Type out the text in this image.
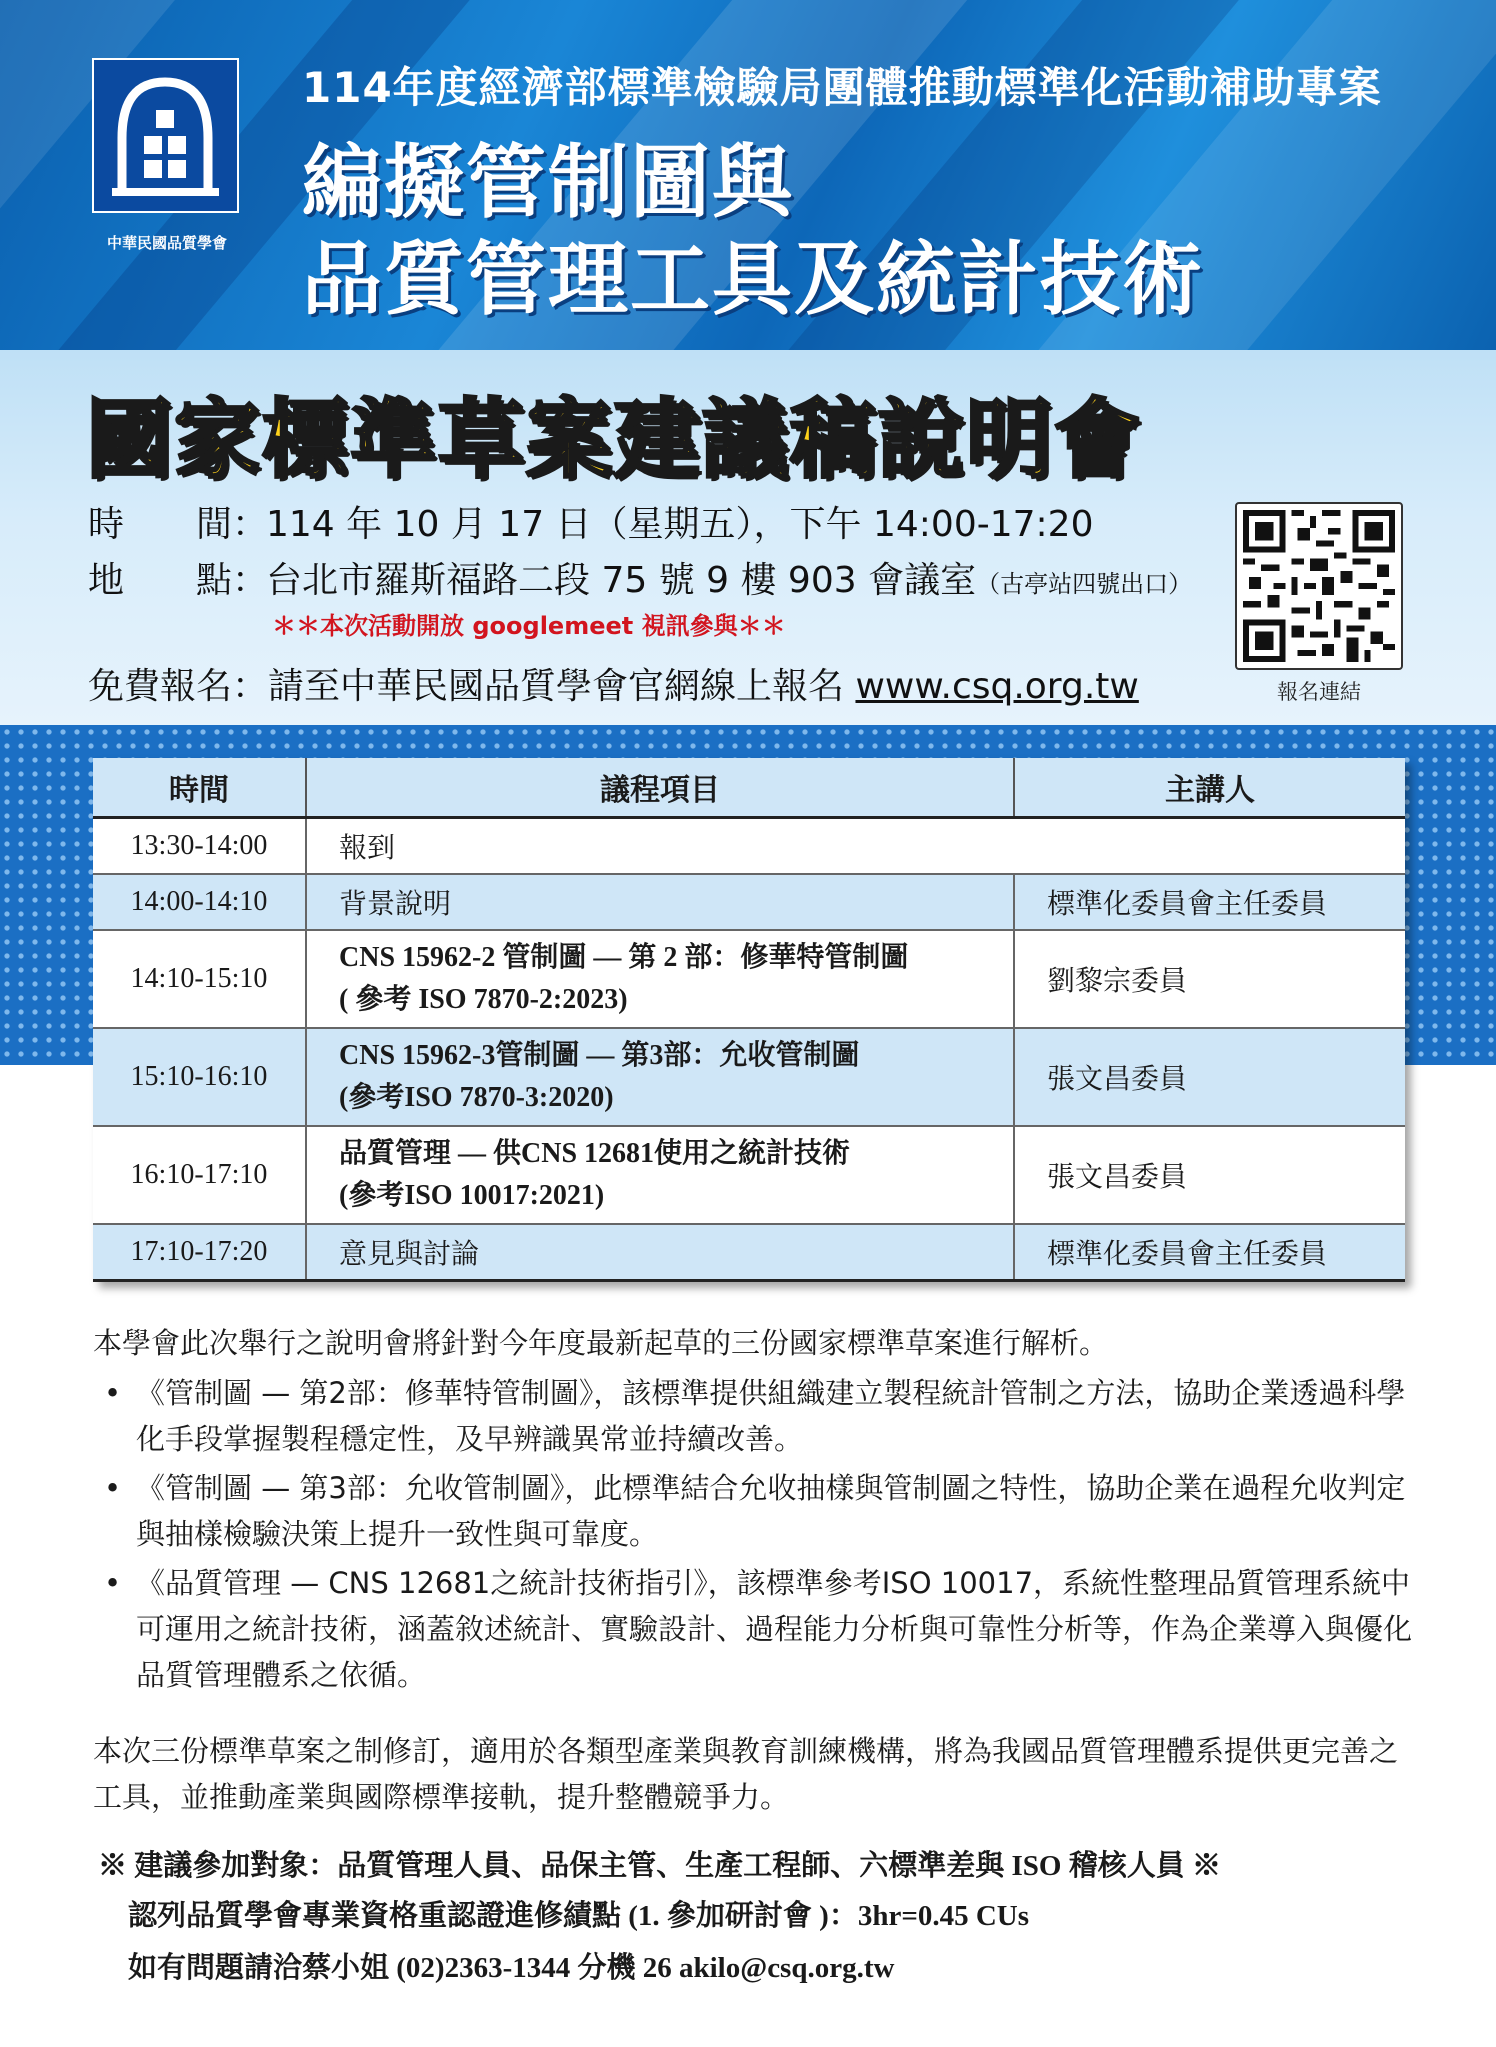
中華民國品質學會
114年度經濟部標準檢驗局團體推動標準化活動補助專案
編擬管制圖與
品質管理工具及統計技術
國家標準草案建議稿說明會
時　　間：114 年 10 月 17 日（星期五），下午 14:00-17:20
地　　點：台北市羅斯福路二段 75 號 9 樓 903 會議室（古亭站四號出口）
＊＊本次活動開放 googlemeet 視訊參與＊＊
免費報名：請至中華民國品質學會官網線上報名 www.csq.org.tw	報名連結
時間	議程項目	主講人
13:30-14:00	報到	
14:00-14:10	背景說明	標準化委員會主任委員
14:10-15:10	CNS 15962-2 管制圖 — 第 2 部：修華特管制圖
( 參考 ISO 7870-2:2023)	劉黎宗委員
15:10-16:10	CNS 15962-3管制圖 — 第3部：允收管制圖
(參考ISO 7870-3:2020)	張文昌委員
16:10-17:10	品質管理 — 供CNS 12681使用之統計技術
(參考ISO 10017:2021)	張文昌委員
17:10-17:20	意見與討論	標準化委員會主任委員
本學會此次舉行之說明會將針對今年度最新起草的三份國家標準草案進行解析。
• 《管制圖 — 第2部：修華特管制圖》，該標準提供組織建立製程統計管制之方法，協助企業透過科學化手段掌握製程穩定性，及早辨識異常並持續改善。
• 《管制圖 — 第3部：允收管制圖》，此標準結合允收抽樣與管制圖之特性，協助企業在過程允收判定與抽樣檢驗決策上提升一致性與可靠度。
• 《品質管理 — CNS 12681之統計技術指引》，該標準參考ISO 10017，系統性整理品質管理系統中可運用之統計技術，涵蓋敘述統計、實驗設計、過程能力分析與可靠性分析等，作為企業導入與優化品質管理體系之依循。
本次三份標準草案之制修訂，適用於各類型產業與教育訓練機構，將為我國品質管理體系提供更完善之工具，並推動產業與國際標準接軌，提升整體競爭力。
※ 建議參加對象：品質管理人員、品保主管、生產工程師、六標準差與 ISO 稽核人員 ※
認列品質學會專業資格重認證進修績點 (1. 參加研討會 )：3hr=0.45 CUs
如有問題請洽蔡小姐 (02)2363-1344 分機 26 akilo@csq.org.tw
